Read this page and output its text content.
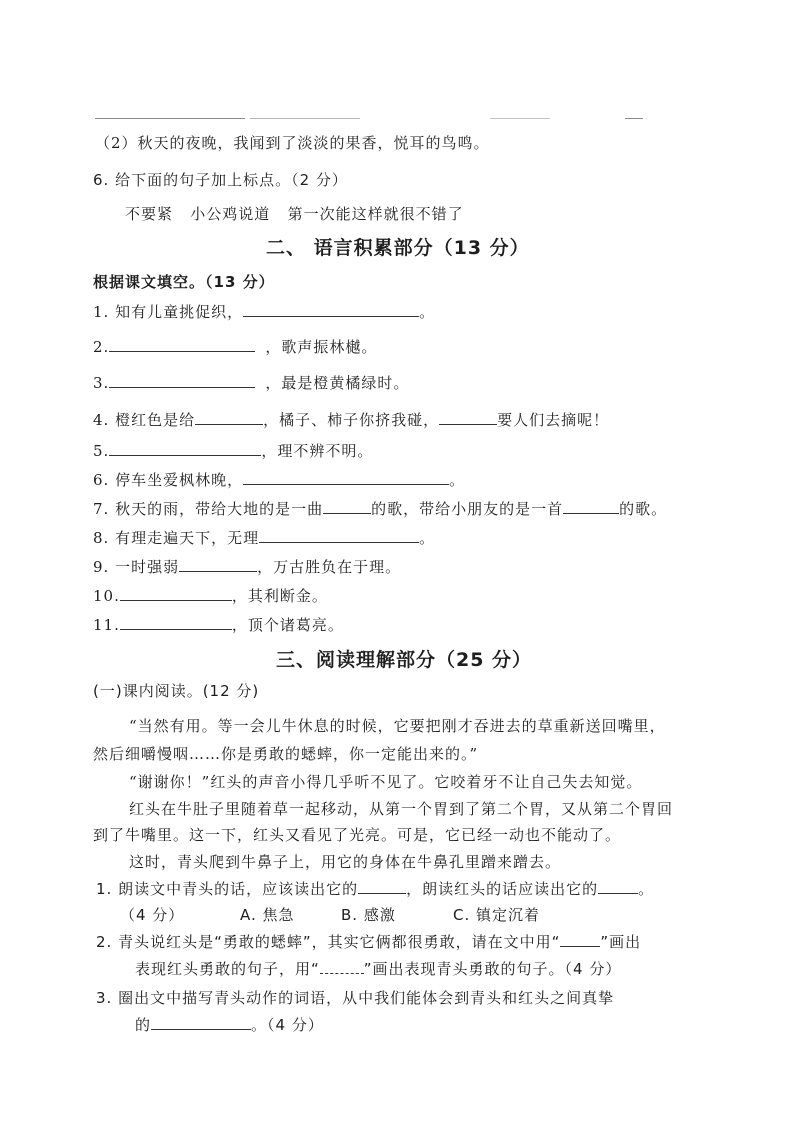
（2）秋天的夜晚，我闻到了淡淡的果香，悦耳的鸟鸣。
6. 给下面的句子加上标点。（2 分）
不要紧   小公鸡说道   第一次能这样就很不错了
二、 语言积累部分（13 分）
根据课文填空。（13 分）
1. 知有儿童挑促织，	。
2.	，歌声振林樾。
3.	，最是橙黄橘绿时。
4. 橙红色是给	，橘子、柿子你挤我碰，	要人们去摘呢！
5.	，理不辨不明。
6. 停车坐爱枫林晚，	。
7. 秋天的雨，带给大地的是一曲	的歌，带给小朋友的是一首	的歌。
8. 有理走遍天下，无理	。
9. 一时强弱	，万古胜负在于理。
10.	，其利断金。
11.	，顶个诸葛亮。
三、阅读理解部分（25 分）
(一)课内阅读。(12 分)
“当然有用。等一会儿牛休息的时候，它要把刚才吞进去的草重新送回嘴里，
然后细嚼慢咽……你是勇敢的蟋蟀，你一定能出来的。”
“谢谢你！”红头的声音小得几乎听不见了。它咬着牙不让自己失去知觉。
红头在牛肚子里随着草一起移动，从第一个胃到了第二个胃，又从第二个胃回
到了牛嘴里。这一下，红头又看见了光亮。可是，它已经一动也不能动了。
这时，青头爬到牛鼻子上，用它的身体在牛鼻孔里蹭来蹭去。
1. 朗读文中青头的话，应该读出它的	，朗读红头的话应读出它的	。
（4 分）	A. 焦急	B. 感激	C. 镇定沉着
2. 青头说红头是“勇敢的蟋蟀”，其实它俩都很勇敢，请在文中用“	”画出
表现红头勇敢的句子，用“	”画出表现青头勇敢的句子。（4 分）
3. 圈出文中描写青头动作的词语，从中我们能体会到青头和红头之间真挚
的	。（4 分）
